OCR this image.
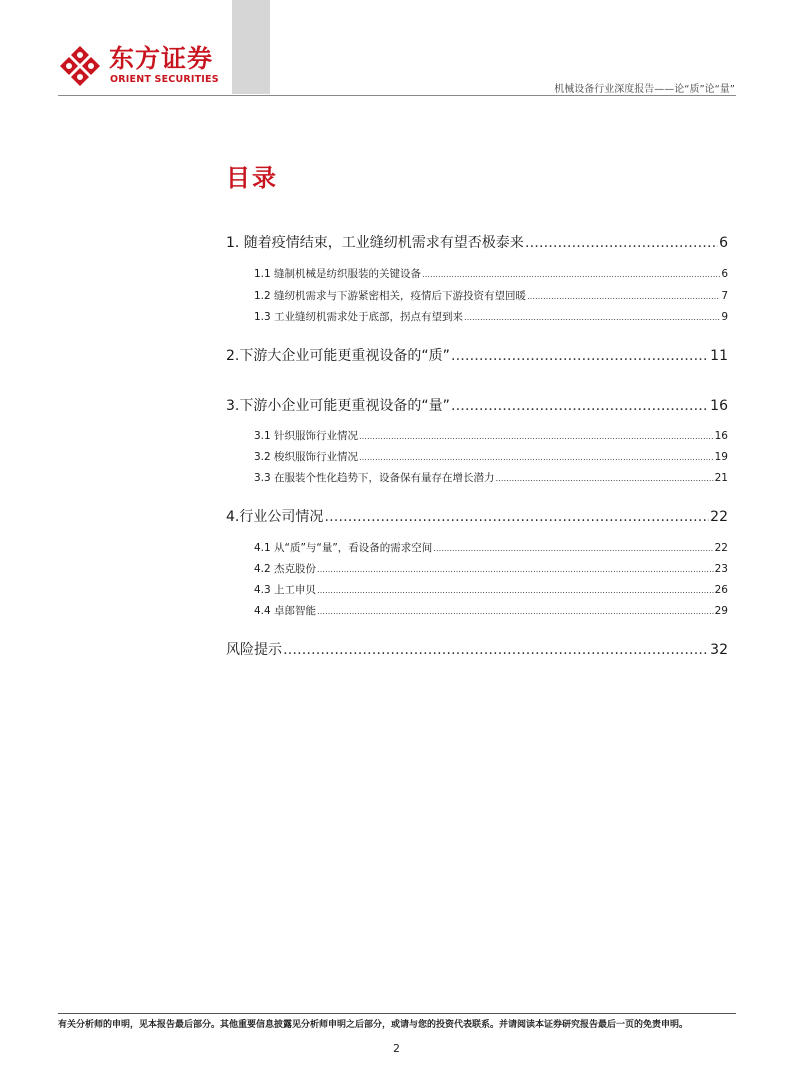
东方证券
ORIENT SECURITIES
机械设备行业深度报告——论“质”论“量”
目录
1. 随着疫情结束，工业缝纫机需求有望否极泰来 ……………………………………………………………………………………………………………………………………………………………………………………………………………	6
1.1 缝制机械是纺织服装的关键设备 ……………………………………………………………………………………………………………………………………………………………………………………………………………	6
1.2 缝纫机需求与下游紧密相关，疫情后下游投资有望回暖 ……………………………………………………………………………………………………………………………………………………………………………………………………………	7
1.3 工业缝纫机需求处于底部，拐点有望到来 ……………………………………………………………………………………………………………………………………………………………………………………………………………	9
2.下游大企业可能更重视设备的“质” ……………………………………………………………………………………………………………………………………………………………………………………………………………	11
3.下游小企业可能更重视设备的“量” ……………………………………………………………………………………………………………………………………………………………………………………………………………	16
3.1 针织服饰行业情况 ……………………………………………………………………………………………………………………………………………………………………………………………………………	16
3.2 梭织服饰行业情况 ……………………………………………………………………………………………………………………………………………………………………………………………………………	19
3.3 在服装个性化趋势下，设备保有量存在增长潜力 ……………………………………………………………………………………………………………………………………………………………………………………………………………	21
4.行业公司情况 ……………………………………………………………………………………………………………………………………………………………………………………………………………	22
4.1 从“质”与“量”，看设备的需求空间 ……………………………………………………………………………………………………………………………………………………………………………………………………………	22
4.2 杰克股份 ……………………………………………………………………………………………………………………………………………………………………………………………………………	23
4.3 上工申贝 ……………………………………………………………………………………………………………………………………………………………………………………………………………	26
4.4 卓郎智能 ……………………………………………………………………………………………………………………………………………………………………………………………………………	29
风险提示 ……………………………………………………………………………………………………………………………………………………………………………………………………………	32
有关分析师的申明，见本报告最后部分。其他重要信息披露见分析师申明之后部分，或请与您的投资代表联系。并请阅读本证券研究报告最后一页的免责申明。
2
